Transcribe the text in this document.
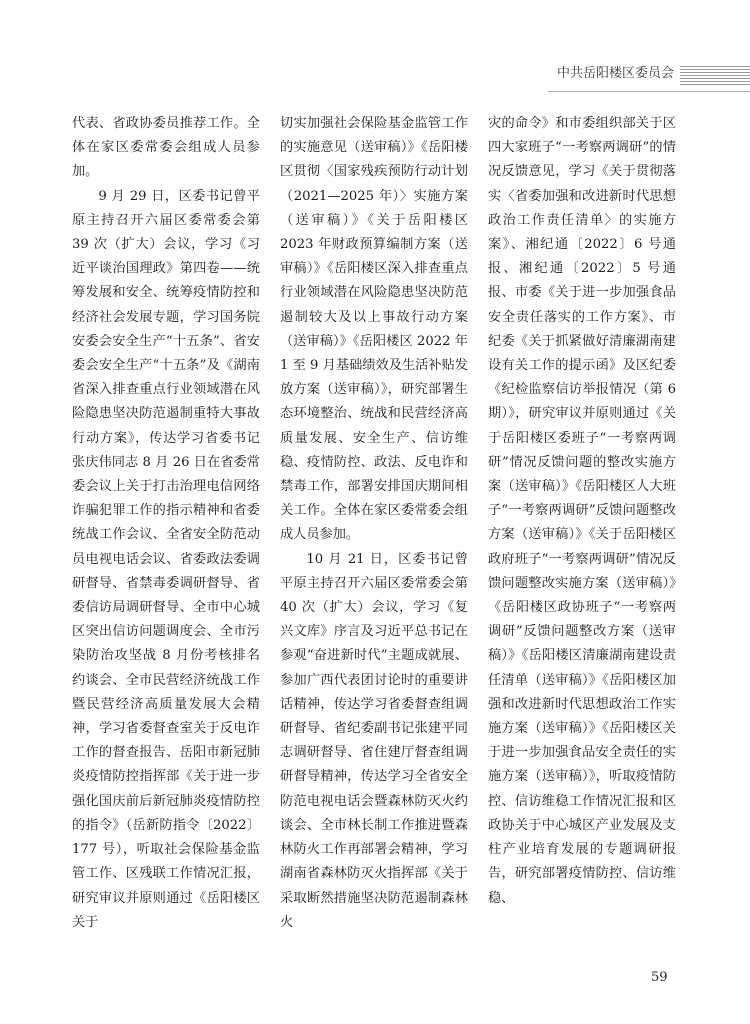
中共岳阳楼区委员会

代表、省政协委员推荐工作。全体在家区委常委会组成人员参加。

9 月 29 日，区委书记曾平原主持召开六届区委常委会第 39 次（扩大）会议，学习《习近平谈治国理政》第四卷——统筹发展和安全、统筹疫情防控和经济社会发展专题，学习国务院安委会安全生产“十五条”、省安委会安全生产“十五条”及《湖南省深入排查重点行业领域潜在风险隐患坚决防范遏制重特大事故行动方案》，传达学习省委书记张庆伟同志 8 月 26 日在省委常委会议上关于打击治理电信网络诈骗犯罪工作的指示精神和省委统战工作会议、全省安全防范动员电视电话会议、省委政法委调研督导、省禁毒委调研督导、省委信访局调研督导、全市中心城区突出信访问题调度会、全市污染防治攻坚战 8 月份考核排名约谈会、全市民营经济统战工作暨民营经济高质量发展大会精神，学习省委督查室关于反电诈工作的督查报告、岳阳市新冠肺炎疫情防控指挥部《关于进一步强化国庆前后新冠肺炎疫情防控的指令》（岳新防指令〔2022〕177 号），听取社会保险基金监管工作、区残联工作情况汇报，研究审议并原则通过《岳阳楼区关于

切实加强社会保险基金监管工作的实施意见（送审稿）》《岳阳楼区贯彻〈国家残疾预防行动计划（2021—2025 年）〉实施方案（送审稿）》《关于岳阳楼区 2023 年财政预算编制方案（送审稿）》《岳阳楼区深入排查重点行业领域潜在风险隐患坚决防范遏制较大及以上事故行动方案（送审稿）》《岳阳楼区 2022 年 1 至 9 月基础绩效及生活补贴发放方案（送审稿）》，研究部署生态环境整治、统战和民营经济高质量发展、安全生产、信访维稳、疫情防控、政法、反电诈和禁毒工作，部署安排国庆期间相关工作。全体在家区委常委会组成人员参加。

10 月 21 日，区委书记曾平原主持召开六届区委常委会第 40 次（扩大）会议，学习《复兴文库》序言及习近平总书记在参观“奋进新时代”主题成就展、参加广西代表团讨论时的重要讲话精神，传达学习省委督查组调研督导、省纪委副书记张建平同志调研督导、省住建厅督查组调研督导精神，传达学习全省安全防范电视电话会暨森林防灭火约谈会、全市林长制工作推进暨森林防火工作再部署会精神，学习湖南省森林防灭火指挥部《关于采取断然措施坚决防范遏制森林火

灾的命令》和市委组织部关于区四大家班子“一考察两调研”的情况反馈意见，学习《关于贯彻落实〈省委加强和改进新时代思想政治工作责任清单〉的实施方案》、湘纪通〔2022〕6 号通报、湘纪通〔2022〕5 号通报、市委《关于进一步加强食品安全责任落实的工作方案》、市纪委《关于抓紧做好清廉湖南建设有关工作的提示函》及区纪委《纪检监察信访举报情况（第 6 期）》，研究审议并原则通过《关于岳阳楼区委班子“一考察两调研”情况反馈问题的整改实施方案（送审稿）》《岳阳楼区人大班子“一考察两调研”反馈问题整改方案（送审稿）》《关于岳阳楼区政府班子“一考察两调研”情况反馈问题整改实施方案（送审稿）》《岳阳楼区政协班子“一考察两调研”反馈问题整改方案（送审稿）》《岳阳楼区清廉湖南建设责任清单（送审稿）》《岳阳楼区加强和改进新时代思想政治工作实施方案（送审稿）》《岳阳楼区关于进一步加强食品安全责任的实施方案（送审稿）》，听取疫情防控、信访维稳工作情况汇报和区政协关于中心城区产业发展及支柱产业培育发展的专题调研报告，研究部署疫情防控、信访维稳、

59
